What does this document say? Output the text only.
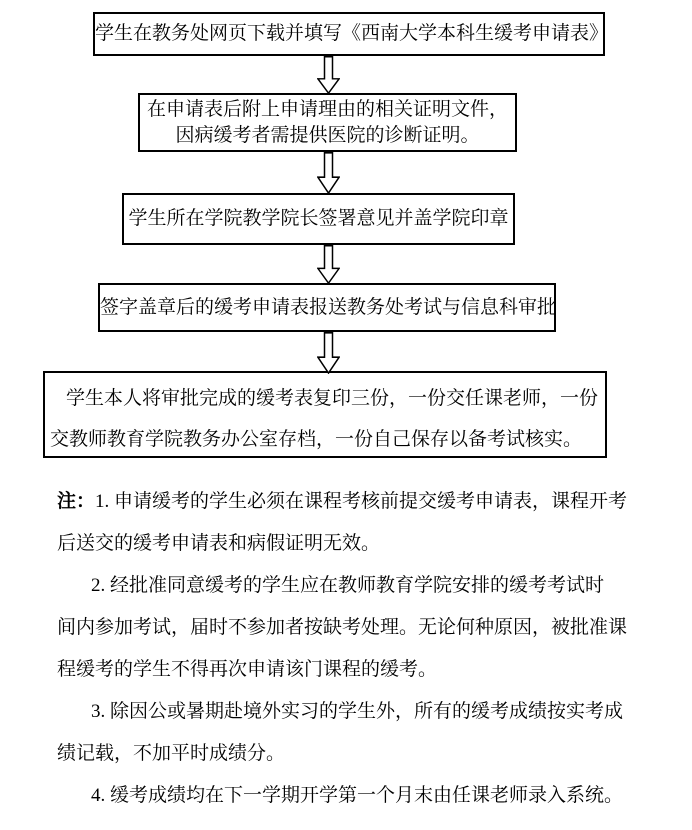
学生在教务处网页下载并填写《西南大学本科生缓考申请表》
在申请表后附上申请理由的相关证明文件，
因病缓考者需提供医院的诊断证明。
学生所在学院教学院长签署意见并盖学院印章
签字盖章后的缓考申请表报送教务处考试与信息科审批
学生本人将审批完成的缓考表复印三份，一份交任课老师，一份
交教师教育学院教务办公室存档，一份自己保存以备考试核实。
注：1. 申请缓考的学生必须在课程考核前提交缓考申请表，课程开考
后送交的缓考申请表和病假证明无效。
2. 经批准同意缓考的学生应在教师教育学院安排的缓考考试时
间内参加考试，届时不参加者按缺考处理。无论何种原因，被批准课
程缓考的学生不得再次申请该门课程的缓考。
3. 除因公或暑期赴境外实习的学生外，所有的缓考成绩按实考成
绩记载，不加平时成绩分。
4. 缓考成绩均在下一学期开学第一个月末由任课老师录入系统。
